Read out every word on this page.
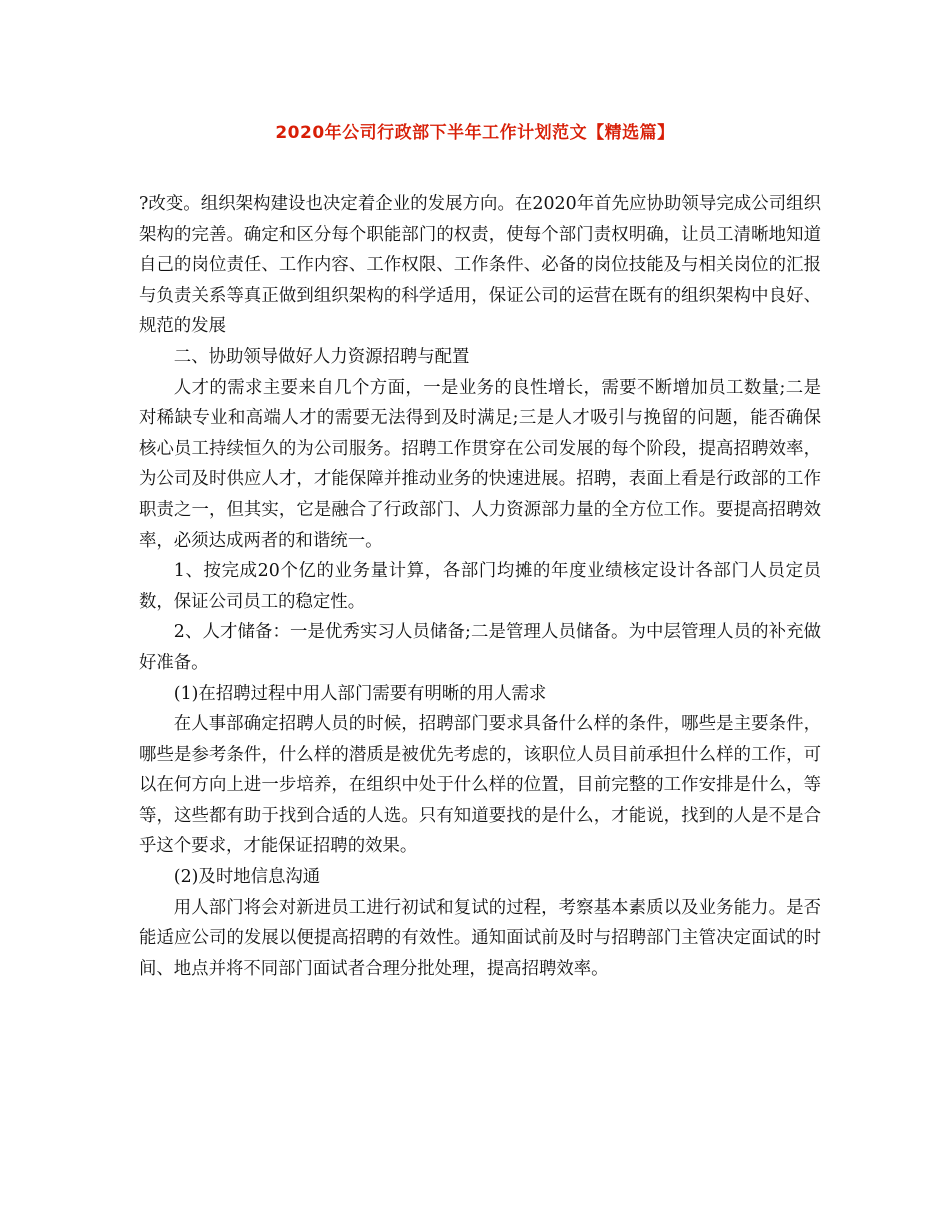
2020年公司行政部下半年工作计划范文【精选篇】

?改变。组织架构建设也决定着企业的发展方向。在2020年首先应协助领导完成公司组织架构的完善。确定和区分每个职能部门的权责，使每个部门责权明确，让员工清晰地知道自己的岗位责任、工作内容、工作权限、工作条件、必备的岗位技能及与相关岗位的汇报与负责关系等真正做到组织架构的科学适用，保证公司的运营在既有的组织架构中良好、规范的发展

二、协助领导做好人力资源招聘与配置

人才的需求主要来自几个方面，一是业务的良性增长，需要不断增加员工数量;二是对稀缺专业和高端人才的需要无法得到及时满足;三是人才吸引与挽留的问题，能否确保核心员工持续恒久的为公司服务。招聘工作贯穿在公司发展的每个阶段，提高招聘效率，为公司及时供应人才，才能保障并推动业务的快速进展。招聘，表面上看是行政部的工作职责之一，但其实，它是融合了行政部门、人力资源部力量的全方位工作。要提高招聘效率，必须达成两者的和谐统一。

1、按完成20个亿的业务量计算，各部门均摊的年度业绩核定设计各部门人员定员数，保证公司员工的稳定性。

2、人才储备：一是优秀实习人员储备;二是管理人员储备。为中层管理人员的补充做好准备。

(1)在招聘过程中用人部门需要有明晰的用人需求

在人事部确定招聘人员的时候，招聘部门要求具备什么样的条件，哪些是主要条件，哪些是参考条件，什么样的潜质是被优先考虑的，该职位人员目前承担什么样的工作，可以在何方向上进一步培养，在组织中处于什么样的位置，目前完整的工作安排是什么，等等，这些都有助于找到合适的人选。只有知道要找的是什么，才能说，找到的人是不是合乎这个要求，才能保证招聘的效果。

(2)及时地信息沟通

用人部门将会对新进员工进行初试和复试的过程，考察基本素质以及业务能力。是否能适应公司的发展以便提高招聘的有效性。通知面试前及时与招聘部门主管决定面试的时间、地点并将不同部门面试者合理分批处理，提高招聘效率。
